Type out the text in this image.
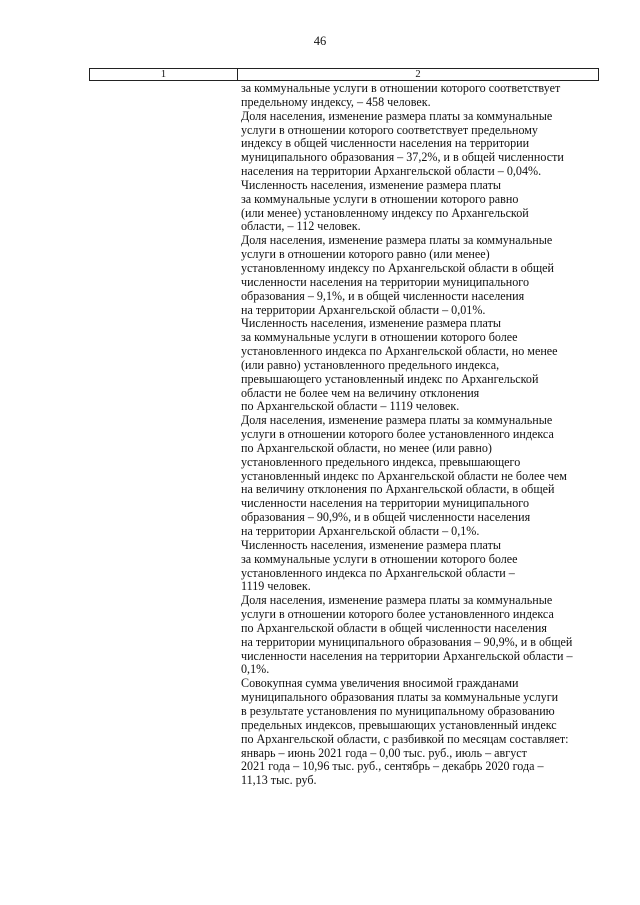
46
1	2
за коммунальные услуги в отношении которого соответствует
предельному индексу, – 458 человек.
Доля населения, изменение размера платы за коммунальные
услуги в отношении которого соответствует предельному
индексу в общей численности населения на территории
муниципального образования – 37,2%, и в общей численности
населения на территории Архангельской области – 0,04%.
Численность населения, изменение размера платы
за коммунальные услуги в отношении которого равно
(или менее) установленному индексу по Архангельской
области, – 112 человек.
Доля населения, изменение размера платы за коммунальные
услуги в отношении которого равно (или менее)
установленному индексу по Архангельской области в общей
численности населения на территории муниципального
образования – 9,1%, и в общей численности населения
на территории Архангельской области – 0,01%.
Численность населения, изменение размера платы
за коммунальные услуги в отношении которого более
установленного индекса по Архангельской области, но менее
(или равно) установленного предельного индекса,
превышающего установленный индекс по Архангельской
области не более чем на величину отклонения
по Архангельской области – 1119 человек.
Доля населения, изменение размера платы за коммунальные
услуги в отношении которого более установленного индекса
по Архангельской области, но менее (или равно)
установленного предельного индекса, превышающего
установленный индекс по Архангельской области не более чем
на величину отклонения по Архангельской области, в общей
численности населения на территории муниципального
образования – 90,9%, и в общей численности населения
на территории Архангельской области – 0,1%.
Численность населения, изменение размера платы
за коммунальные услуги в отношении которого более
установленного индекса по Архангельской области –
1119 человек.
Доля населения, изменение размера платы за коммунальные
услуги в отношении которого более установленного индекса
по Архангельской области в общей численности населения
на территории муниципального образования – 90,9%, и в общей
численности населения на территории Архангельской области –
0,1%.
Совокупная сумма увеличения вносимой гражданами
муниципального образования платы за коммунальные услуги
в результате установления по муниципальному образованию
предельных индексов, превышающих установленный индекс
по Архангельской области, с разбивкой по месяцам составляет:
январь – июнь 2021 года – 0,00 тыс. руб., июль – август
2021 года – 10,96 тыс. руб., сентябрь – декабрь 2020 года –
11,13 тыс. руб.
